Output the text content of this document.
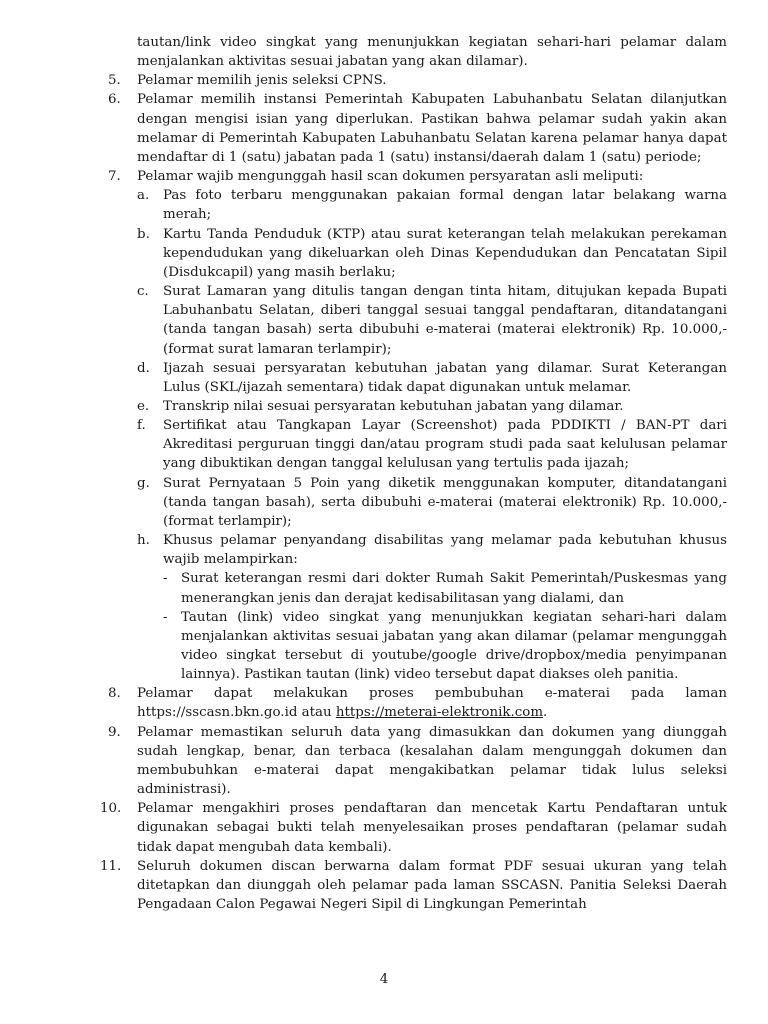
tautan/link video singkat yang menunjukkan kegiatan sehari-hari pelamar dalam menjalankan aktivitas sesuai jabatan yang akan dilamar).
5. Pelamar memilih jenis seleksi CPNS.
6. Pelamar memilih instansi Pemerintah Kabupaten Labuhanbatu Selatan dilanjutkan dengan mengisi isian yang diperlukan. Pastikan bahwa pelamar sudah yakin akan melamar di Pemerintah Kabupaten Labuhanbatu Selatan karena pelamar hanya dapat mendaftar di 1 (satu) jabatan pada 1 (satu) instansi/daerah dalam 1 (satu) periode;
7. Pelamar wajib mengunggah hasil scan dokumen persyaratan asli meliputi:
a. Pas foto terbaru menggunakan pakaian formal dengan latar belakang warna merah;
b. Kartu Tanda Penduduk (KTP) atau surat keterangan telah melakukan perekaman kependudukan yang dikeluarkan oleh Dinas Kependudukan dan Pencatatan Sipil (Disdukcapil) yang masih berlaku;
c. Surat Lamaran yang ditulis tangan dengan tinta hitam, ditujukan kepada Bupati Labuhanbatu Selatan, diberi tanggal sesuai tanggal pendaftaran, ditandatangani (tanda tangan basah) serta dibubuhi e-materai (materai elektronik) Rp. 10.000,- (format surat lamaran terlampir);
d. Ijazah sesuai persyaratan kebutuhan jabatan yang dilamar. Surat Keterangan Lulus (SKL/ijazah sementara) tidak dapat digunakan untuk melamar.
e. Transkrip nilai sesuai persyaratan kebutuhan jabatan yang dilamar.
f. Sertifikat atau Tangkapan Layar (Screenshot) pada PDDIKTI / BAN-PT dari Akreditasi perguruan tinggi dan/atau program studi pada saat kelulusan pelamar yang dibuktikan dengan tanggal kelulusan yang tertulis pada ijazah;
g. Surat Pernyataan 5 Poin yang diketik menggunakan komputer, ditandatangani (tanda tangan basah), serta dibubuhi e-materai (materai elektronik) Rp. 10.000,- (format terlampir);
h. Khusus pelamar penyandang disabilitas yang melamar pada kebutuhan khusus wajib melampirkan:
- Surat keterangan resmi dari dokter Rumah Sakit Pemerintah/Puskesmas yang menerangkan jenis dan derajat kedisabilitasan yang dialami, dan
- Tautan (link) video singkat yang menunjukkan kegiatan sehari-hari dalam menjalankan aktivitas sesuai jabatan yang akan dilamar (pelamar mengunggah video singkat tersebut di youtube/google drive/dropbox/media penyimpanan lainnya). Pastikan tautan (link) video tersebut dapat diakses oleh panitia.
8. Pelamar dapat melakukan proses pembubuhan e-materai pada laman https://sscasn.bkn.go.id atau https://meterai-elektronik.com.
9. Pelamar memastikan seluruh data yang dimasukkan dan dokumen yang diunggah sudah lengkap, benar, dan terbaca (kesalahan dalam mengunggah dokumen dan membubuhkan e-materai dapat mengakibatkan pelamar tidak lulus seleksi administrasi).
10. Pelamar mengakhiri proses pendaftaran dan mencetak Kartu Pendaftaran untuk digunakan sebagai bukti telah menyelesaikan proses pendaftaran (pelamar sudah tidak dapat mengubah data kembali).
11. Seluruh dokumen discan berwarna dalam format PDF sesuai ukuran yang telah ditetapkan dan diunggah oleh pelamar pada laman SSCASN. Panitia Seleksi Daerah Pengadaan Calon Pegawai Negeri Sipil di Lingkungan Pemerintah
4
